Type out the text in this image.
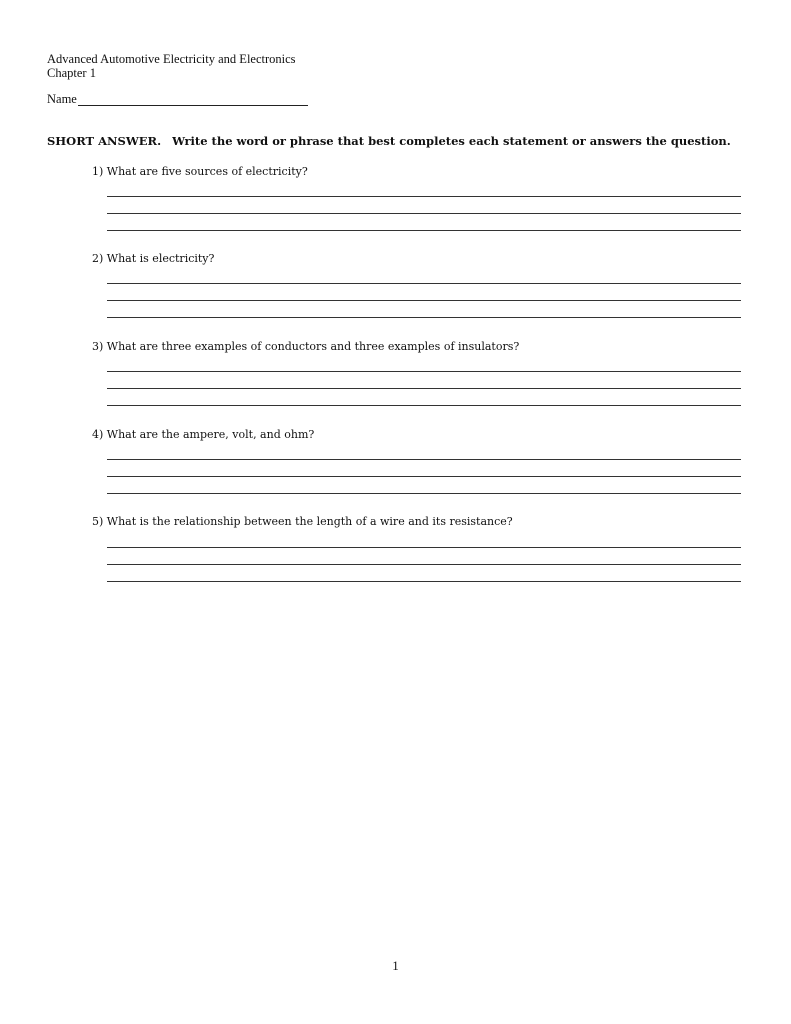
Advanced Automotive Electricity and Electronics
Chapter 1
Name
SHORT ANSWER. Write the word or phrase that best completes each statement or answers the question.
1) What are five sources of electricity?
2) What is electricity?
3) What are three examples of conductors and three examples of insulators?
4) What are the ampere, volt, and ohm?
5) What is the relationship between the length of a wire and its resistance?
1
